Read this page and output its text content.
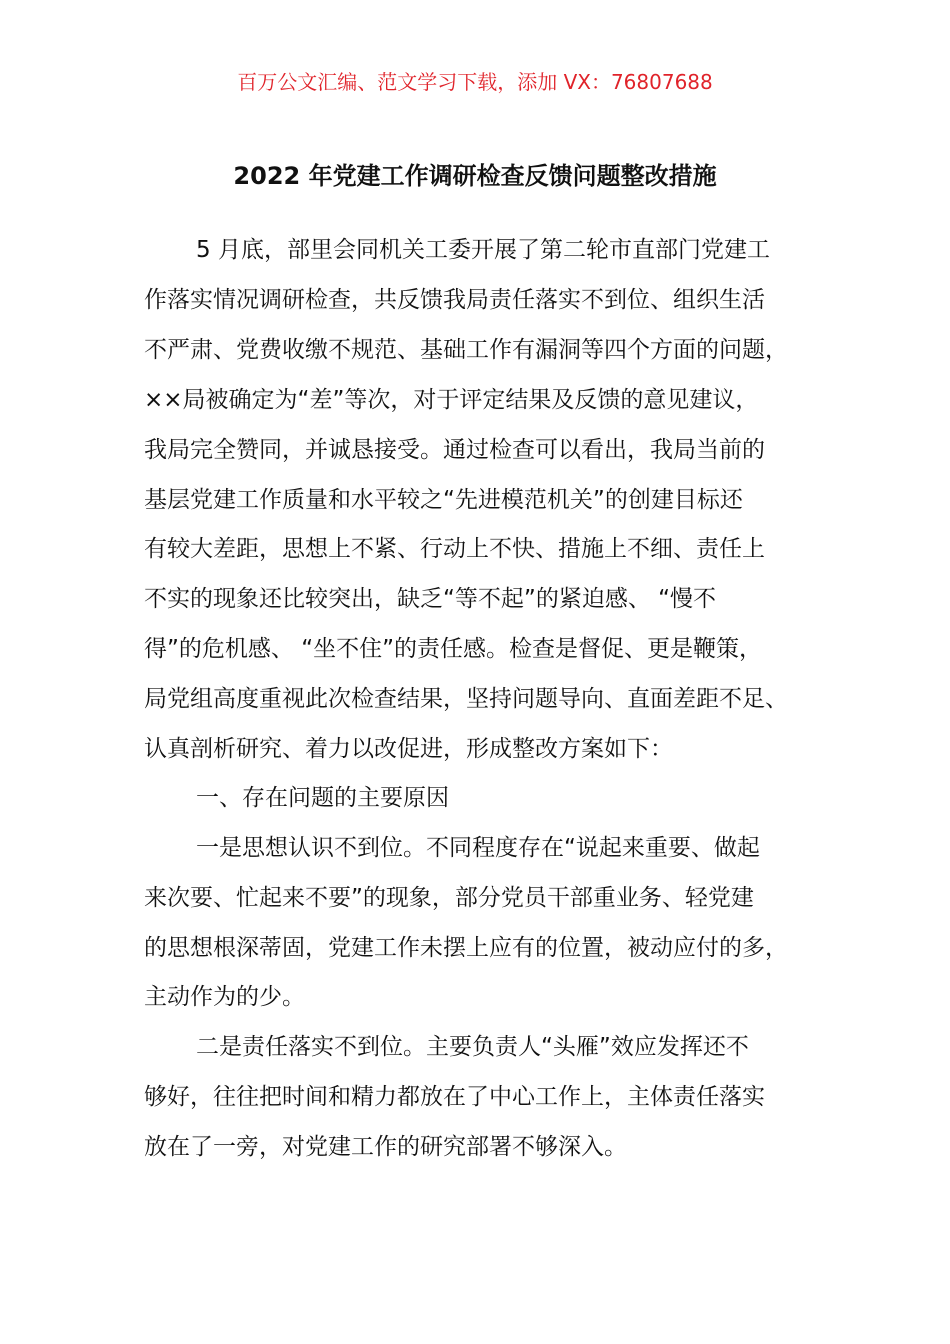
百万公文汇编、范文学习下载，添加 VX：76807688
2022 年党建工作调研检查反馈问题整改措施
5 月底，部里会同机关工委开展了第二轮市直部门党建工
作落实情况调研检查，共反馈我局责任落实不到位、组织生活
不严肃、党费收缴不规范、基础工作有漏洞等四个方面的问题，
××局被确定为“差”等次，对于评定结果及反馈的意见建议，
我局完全赞同，并诚恳接受。通过检查可以看出，我局当前的
基层党建工作质量和水平较之“先进模范机关”的创建目标还
有较大差距，思想上不紧、行动上不快、措施上不细、责任上
不实的现象还比较突出，缺乏“等不起”的紧迫感、 “慢不
得”的危机感、 “坐不住”的责任感。检查是督促、更是鞭策，
局党组高度重视此次检查结果，坚持问题导向、直面差距不足、
认真剖析研究、着力以改促进，形成整改方案如下：
一、存在问题的主要原因
一是思想认识不到位。不同程度存在“说起来重要、做起
来次要、忙起来不要”的现象，部分党员干部重业务、轻党建
的思想根深蒂固，党建工作未摆上应有的位置，被动应付的多，
主动作为的少。
二是责任落实不到位。主要负责人“头雁”效应发挥还不
够好，往往把时间和精力都放在了中心工作上，主体责任落实
放在了一旁，对党建工作的研究部署不够深入。
